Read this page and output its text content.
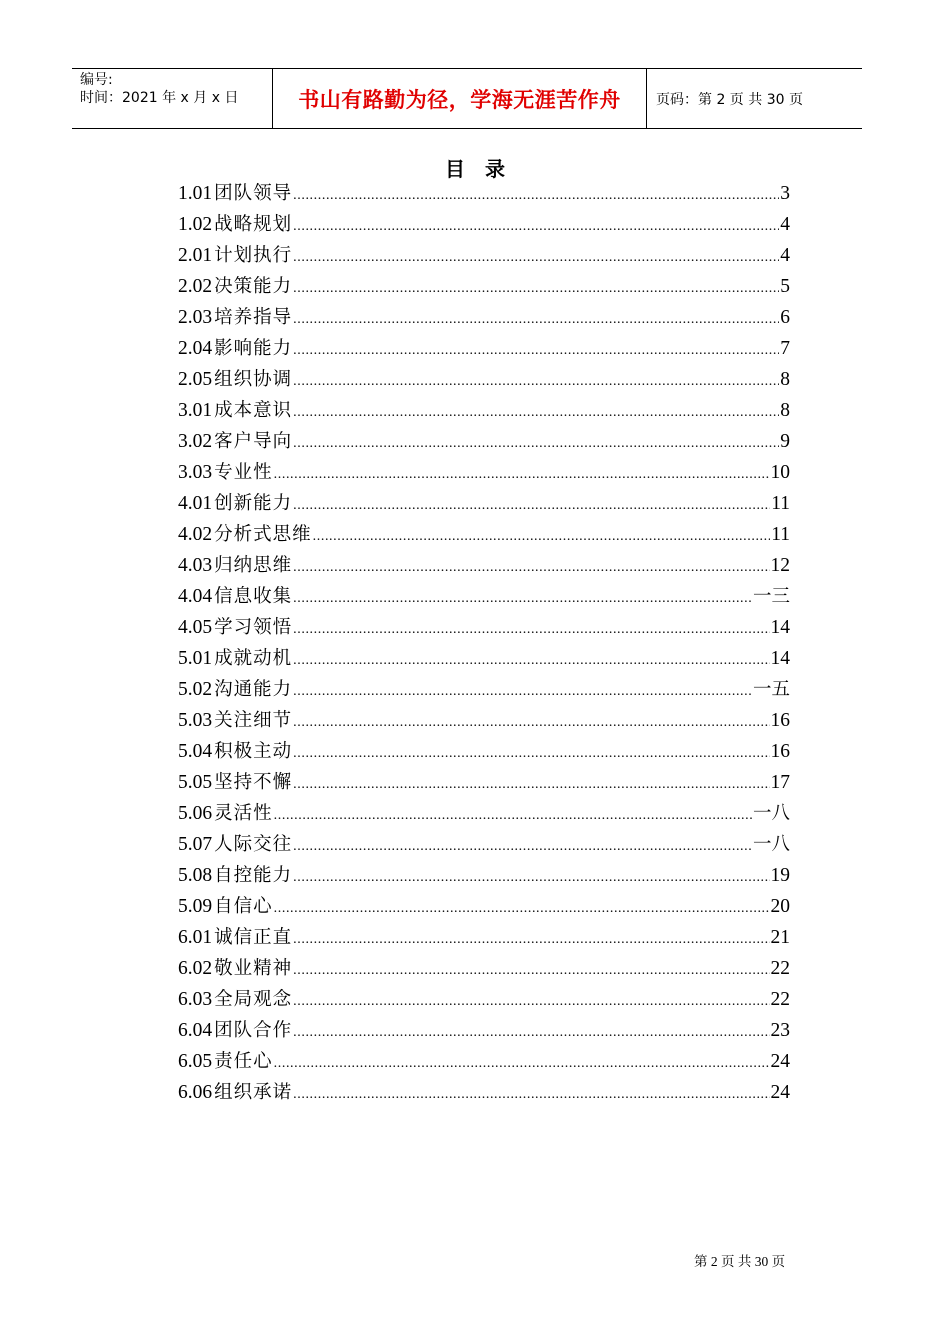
编号:
时间：2021 年 x 月 x 日	书山有路勤为径，学海无涯苦作舟	页码：第 2 页 共 30 页
目录
1.01 团队领导 .....	3
1.02 战略规划 .....	4
2.01 计划执行 .....	4
2.02 决策能力 .....	5
2.03 培养指导 .....	6
2.04 影响能力 .....	7
2.05 组织协调 .....	8
3.01 成本意识 .....	8
3.02 客户导向 .....	9
3.03 专业性 .....	10
4.01 创新能力 .....	11
4.02 分析式思维 .....	11
4.03 归纳思维 .....	12
4.04 信息收集 .....	一三
4.05 学习领悟 .....	14
5.01 成就动机 .....	14
5.02 沟通能力 .....	一五
5.03 关注细节 .....	16
5.04 积极主动 .....	16
5.05 坚持不懈 .....	17
5.06 灵活性 .....	一八
5.07 人际交往 .....	一八
5.08 自控能力 .....	19
5.09 自信心 .....	20
6.01 诚信正直 .....	21
6.02 敬业精神 .....	22
6.03 全局观念 .....	22
6.04 团队合作 .....	23
6.05 责任心 .....	24
6.06 组织承诺 .....	24
第 2 页 共 30 页
